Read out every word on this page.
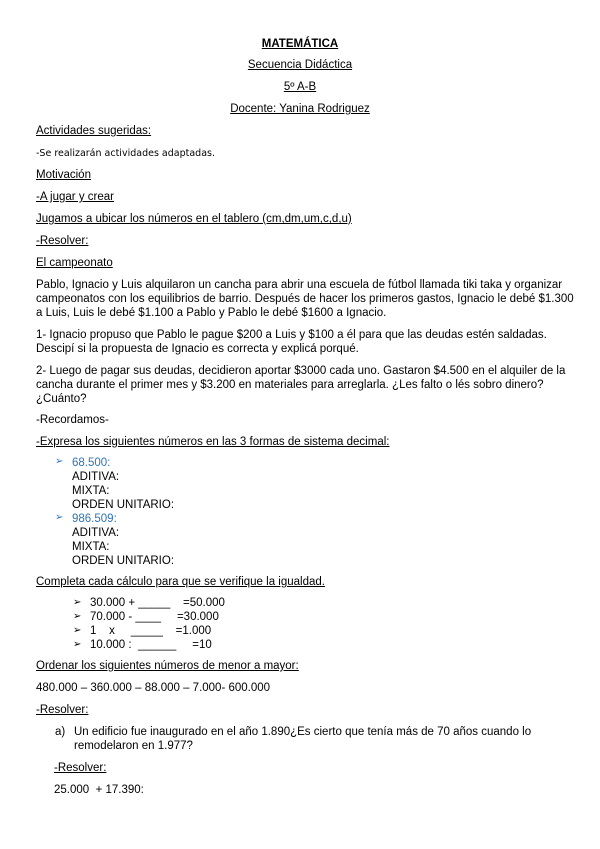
MATEMÁTICA
Secuencia Didáctica
5º A-B
Docente: Yanina Rodriguez
Actividades sugeridas:
-Se realizarán actividades adaptadas.
Motivación
-A jugar y crear
Jugamos a ubicar los números en el tablero (cm,dm,um,c,d,u)
-Resolver:
El campeonato
Pablo, Ignacio y Luis alquilaron un cancha para abrir una escuela de fútbol llamada tiki taka y organizar
campeonatos con los equilibrios de barrio. Después de hacer los primeros gastos, Ignacio le debé $1.300
a Luis, Luis le debé $1.100 a Pablo y Pablo le debé $1600 a Ignacio.
1- Ignacio propuso que Pablo le pague $200 a Luis y $100 a él para que las deudas estén saldadas.
Descipí si la propuesta de Ignacio es correcta y explicá porqué.
2- Luego de pagar sus deudas, decidieron aportar $3000 cada uno. Gastaron $4.500 en el alquiler de la
cancha durante el primer mes y $3.200 en materiales para arreglarla. ¿Les falto o lés sobro dinero?
¿Cuánto?
-Recordamos-
-Expresa los siguientes números en las 3 formas de sistema decimal:
➢ 68.500:
ADITIVA:
MIXTA:
ORDEN UNITARIO:
➢ 986.509:
ADITIVA:
MIXTA:
ORDEN UNITARIO:
Completa cada cálculo para que se verifique la igualdad.
➢ 30.000 + _____    =50.000
➢ 70.000 - ____     =30.000
➢ 1    x     _____    =1.000
➢ 10.000 :  ______     =10
Ordenar los siguientes números de menor a mayor:
480.000 – 360.000 – 88.000 – 7.000- 600.000
-Resolver:
a) Un edificio fue inaugurado en el año 1.890¿Es cierto que tenía más de 70 años cuando lo
remodelaron en 1.977?
-Resolver:
25.000  + 17.390:
